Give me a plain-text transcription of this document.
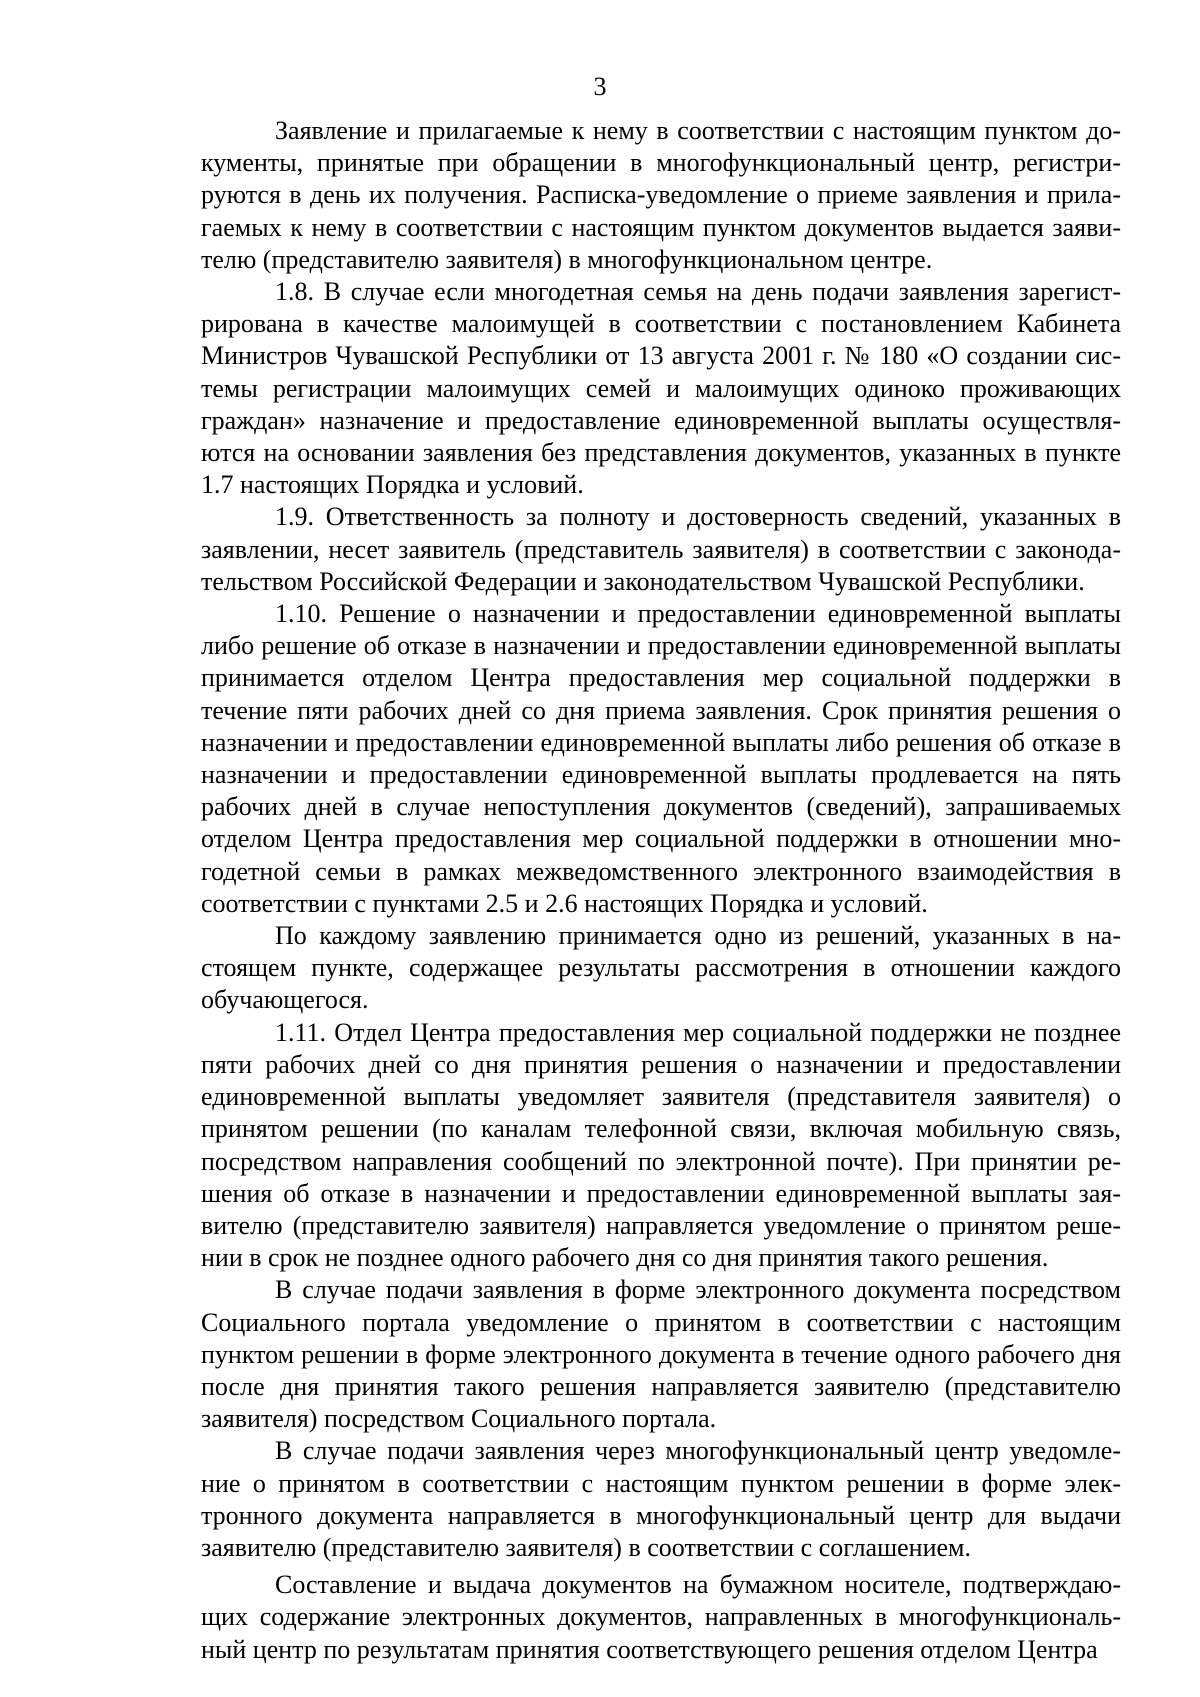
3

Заявление и прилагаемые к нему в соответствии с настоящим пунктом документы, принятые при обращении в многофункциональный центр, регистрируются в день их получения. Расписка-уведомление о приеме заявления и прилагаемых к нему в соответствии с настоящим пунктом документов выдается заявителю (представителю заявителя) в многофункциональном центре.

1.8. В случае если многодетная семья на день подачи заявления зарегистрирована в качестве малоимущей в соответствии с постановлением Кабинета Министров Чувашской Республики от 13 августа 2001 г. № 180 «О создании системы регистрации малоимущих семей и малоимущих одиноко проживающих граждан» назначение и предоставление единовременной выплаты осуществляются на основании заявления без представления документов, указанных в пункте 1.7 настоящих Порядка и условий.

1.9. Ответственность за полноту и достоверность сведений, указанных в заявлении, несет заявитель (представитель заявителя) в соответствии с законодательством Российской Федерации и законодательством Чувашской Республики.

1.10. Решение о назначении и предоставлении единовременной выплаты либо решение об отказе в назначении и предоставлении единовременной выплаты принимается отделом Центра предоставления мер социальной поддержки в течение пяти рабочих дней со дня приема заявления. Срок принятия решения о назначении и предоставлении единовременной выплаты либо решения об отказе в назначении и предоставлении единовременной выплаты продлевается на пять рабочих дней в случае непоступления документов (сведений), запрашиваемых отделом Центра предоставления мер социальной поддержки в отношении многодетной семьи в рамках межведомственного электронного взаимодействия в соответствии с пунктами 2.5 и 2.6 настоящих Порядка и условий.

По каждому заявлению принимается одно из решений, указанных в настоящем пункте, содержащее результаты рассмотрения в отношении каждого обучающегося.

1.11. Отдел Центра предоставления мер социальной поддержки не позднее пяти рабочих дней со дня принятия решения о назначении и предоставлении единовременной выплаты уведомляет заявителя (представителя заявителя) о принятом решении (по каналам телефонной связи, включая мобильную связь, посредством направления сообщений по электронной почте). При принятии решения об отказе в назначении и предоставлении единовременной выплаты заявителю (представителю заявителя) направляется уведомление о принятом решении в срок не позднее одного рабочего дня со дня принятия такого решения.

В случае подачи заявления в форме электронного документа посредством Социального портала уведомление о принятом в соответствии с настоящим пунктом решении в форме электронного документа в течение одного рабочего дня после дня принятия такого решения направляется заявителю (представителю заявителя) посредством Социального портала.

В случае подачи заявления через многофункциональный центр уведомление о принятом в соответствии с настоящим пунктом решении в форме электронного документа направляется в многофункциональный центр для выдачи заявителю (представителю заявителя) в соответствии с соглашением.

Составление и выдача документов на бумажном носителе, подтверждающих содержание электронных документов, направленных в многофункциональный центр по результатам принятия соответствующего решения отделом Центра
